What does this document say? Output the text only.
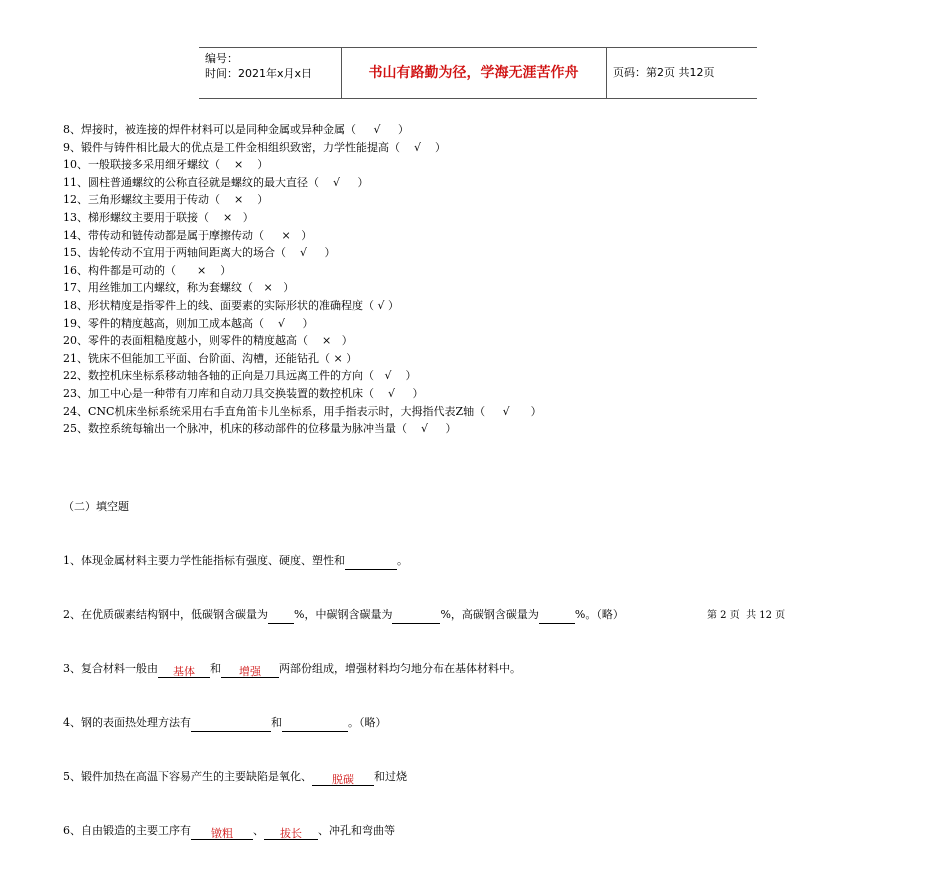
编号：
时间：2021年x月x日	书山有路勤为径，学海无涯苦作舟	页码：第2页 共12页
8、焊接时，被连接的焊件材料可以是同种金属或异种金属（ √ ）
9、锻件与铸件相比最大的优点是工件金相组织致密，力学性能提高（ √ ）
10、一般联接多采用细牙螺纹（ × ）
11、圆柱普通螺纹的公称直径就是螺纹的最大直径（ √ ）
12、三角形螺纹主要用于传动（ × ）
13、梯形螺纹主要用于联接（ × ）
14、带传动和链传动都是属于摩擦传动（ × ）
15、齿轮传动不宜用于两轴间距离大的场合（ √ ）
16、构件都是可动的（ × ）
17、用丝锥加工内螺纹，称为套螺纹（ × ）
18、形状精度是指零件上的线、面要素的实际形状的准确程度（ √ ）
19、零件的精度越高，则加工成本越高（ √ ）
20、零件的表面粗糙度越小，则零件的精度越高（ × ）
21、铣床不但能加工平面、台阶面、沟槽，还能钻孔（ × ）
22、数控机床坐标系移动轴各轴的正向是刀具远离工件的方向（ √ ）
23、加工中心是一种带有刀库和自动刀具交换装置的数控机床（ √ ）
24、CNC机床坐标系统采用右手直角笛卡儿坐标系，用手指表示时，大拇指代表Z轴（ √ ）
25、数控系统每输出一个脉冲，机床的移动部件的位移量为脉冲当量（ √ ）

（二）填空题

1、体现金属材料主要力学性能指标有强度、硬度、塑性和	。

2、在优质碳素结构钢中，低碳钢含碳量为 %，中碳钢含碳量为	%，高碳钢含碳量为	%。（略）

3、复合材料一般由 基体 和 增强 两部份组成，增强材料均匀地分布在基体材料中。

4、钢的表面热处理方法有	和	。（略）

5、锻件加热在高温下容易产生的主要缺陷是氧化、 脱碳 和过烧

6、自由锻造的主要工序有 镦粗 、 拔长 、冲孔和弯曲等

第 2 页  共 12 页
